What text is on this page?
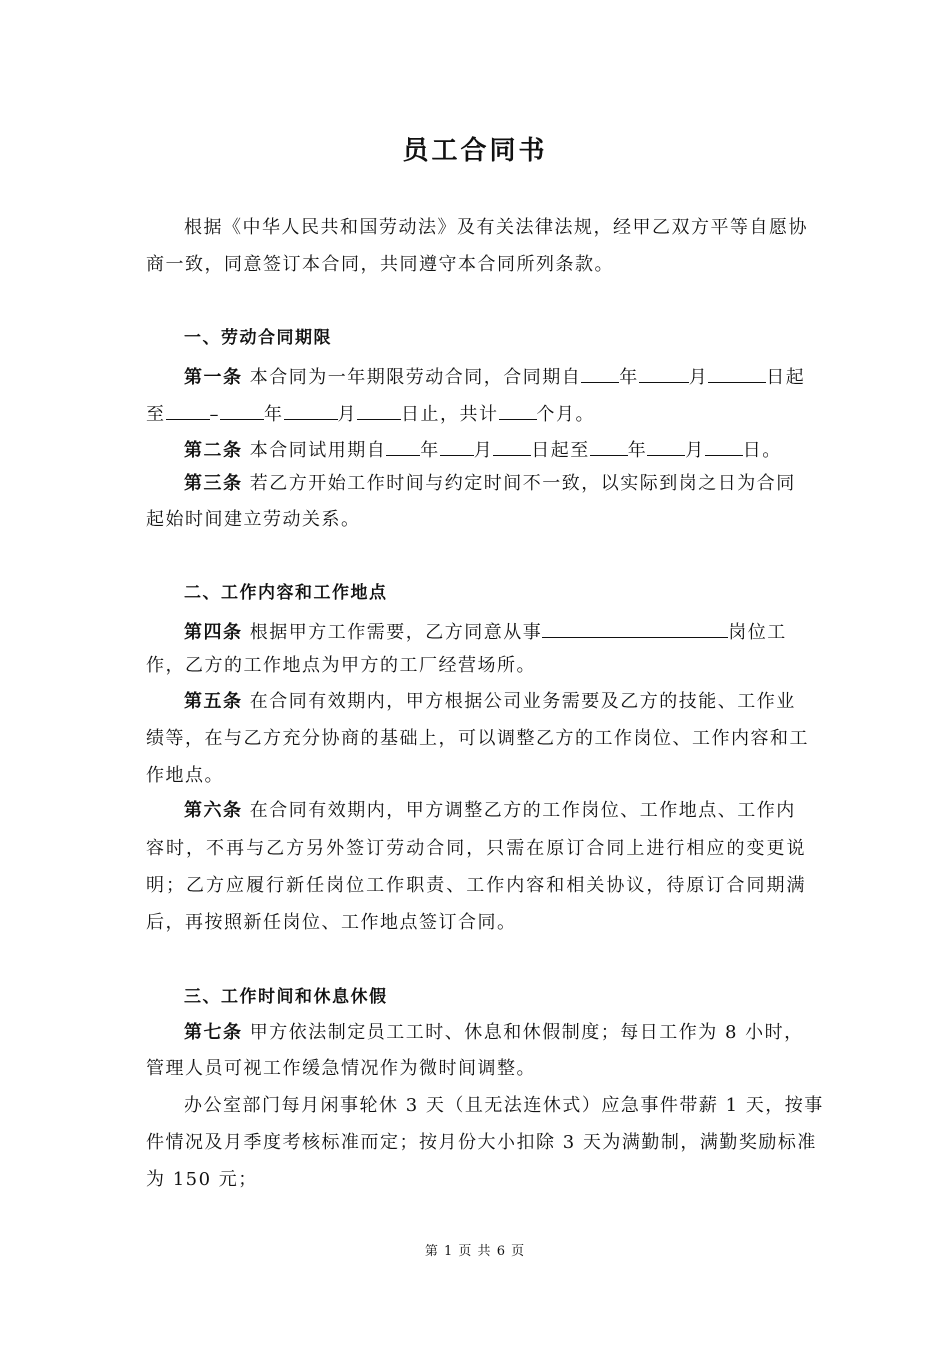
员工合同书
根据《中华人民共和国劳动法》及有关法律法规，经甲乙双方平等自愿协
商一致，同意签订本合同，共同遵守本合同所列条款。
一、劳动合同期限
第一条 本合同为一年期限劳动合同，合同期自 年	月	日起
至 – 年	月 日止，共计 个月。
第二条 本合同试用期自 年 月 日起至 年 月 日。
第三条 若乙方开始工作时间与约定时间不一致，以实际到岗之日为合同
起始时间建立劳动关系。
二、工作内容和工作地点
第四条 根据甲方工作需要，乙方同意从事	岗位工
作，乙方的工作地点为甲方的工厂经营场所。
第五条 在合同有效期内，甲方根据公司业务需要及乙方的技能、工作业
绩等，在与乙方充分协商的基础上，可以调整乙方的工作岗位、工作内容和工
作地点。
第六条 在合同有效期内，甲方调整乙方的工作岗位、工作地点、工作内
容时，不再与乙方另外签订劳动合同，只需在原订合同上进行相应的变更说
明；乙方应履行新任岗位工作职责、工作内容和相关协议，待原订合同期满
后，再按照新任岗位、工作地点签订合同。
三、工作时间和休息休假
第七条 甲方依法制定员工工时、休息和休假制度；每日工作为 8 小时，
管理人员可视工作缓急情况作为微时间调整。
办公室部门每月闲事轮休 3 天（且无法连休式）应急事件带薪 1 天，按事
件情况及月季度考核标准而定；按月份大小扣除 3 天为满勤制，满勤奖励标准
为 150 元；
第 1 页 共 6 页
